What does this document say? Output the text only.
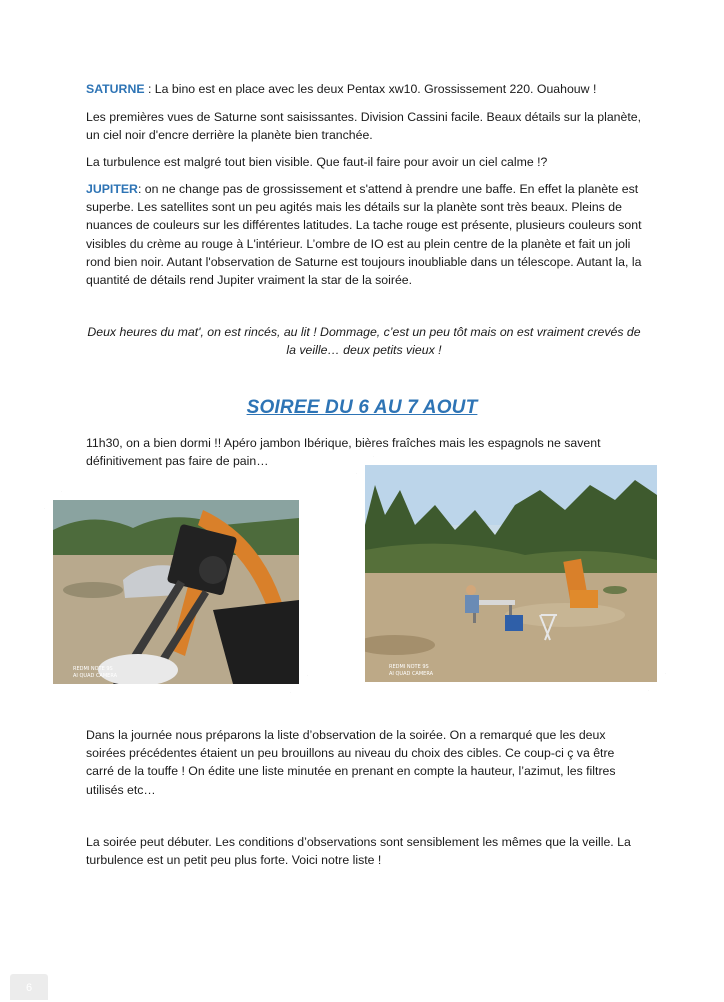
SATURNE : La bino est en place avec les deux Pentax xw10. Grossissement 220. Ouahouw !

Les premières vues de Saturne sont saisissantes. Division Cassini facile. Beaux détails sur la planète, un ciel noir d'encre derrière la planète bien tranchée.

La turbulence est malgré tout bien visible. Que faut-il faire pour avoir un ciel calme !?

JUPITER: on ne change pas de grossissement et s'attend à prendre une baffe. En effet la planète est superbe. Les satellites sont un peu agités mais les détails sur la planète sont très beaux. Pleins de nuances de couleurs sur les différentes latitudes. La tache rouge est présente, plusieurs couleurs sont visibles du crème au rouge à L'intérieur. L’ombre de IO est au plein centre de la planète et fait un joli rond bien noir. Autant l'observation de Saturne est toujours inoubliable dans un télescope. Autant la, la quantité de détails rend Jupiter vraiment la star de la soirée.

Deux heures du mat', on est rincés, au lit ! Dommage, c’est un peu tôt mais on est vraiment crevés de la veille… deux petits vieux !

SOIREE DU 6 AU 7 AOUT

11h30, on a bien dormi !! Apéro jambon Ibérique, bières fraîches mais les espagnols ne savent définitivement pas faire de pain…

REDMI NOTE 9S
AI QUAD CAMERA
REDMI NOTE 9S
AI QUAD CAMERA

Dans la journée nous préparons la liste d’observation de la soirée. On a remarqué que les deux soirées précédentes étaient un peu brouillons au niveau du choix des cibles. Ce coup-ci ç va être carré de la touffe ! On édite une liste minutée en prenant en compte la hauteur, l’azimut, les filtres utilisés etc…

La soirée peut débuter. Les conditions d’observations sont sensiblement les mêmes que la veille. La turbulence est un petit peu plus forte. Voici notre liste !

6
